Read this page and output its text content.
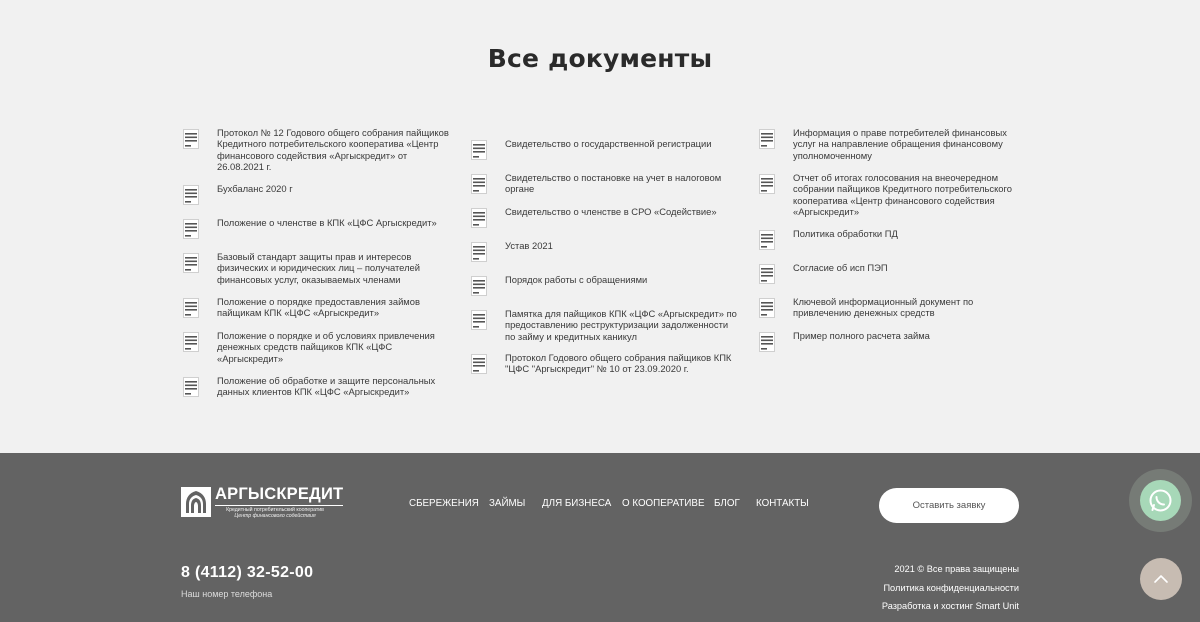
Все документы
Протокол № 12 Годового общего собрания пайщиков Кредитного потребительского кооператива «Центр финансового содействия «Аргыскредит» от 26.08.2021 г.
Бухбаланс 2020 г
Положение о членстве в КПК «ЦФС Аргыскредит»
Базовый стандарт защиты прав и интересов физических и юридических лиц – получателей финансовых услуг, оказываемых членами
Положение о порядке предоставления займов пайщикам КПК «ЦФС «Аргыскредит»
Положение о порядке и об условиях привлечения денежных средств пайщиков КПК «ЦФС «Аргыскредит»
Положение об обработке и защите персональных данных клиентов КПК «ЦФС «Аргыскредит»
Свидетельство о государственной регистрации
Свидетельство о постановке на учет в налоговом органе
Свидетельство о членстве в СРО «Содействие»
Устав 2021
Порядок работы с обращениями
Памятка для пайщиков КПК «ЦФС «Аргыскредит» по предоставлению реструктуризации задолженности по займу и кредитных каникул
Протокол Годового общего собрания пайщиков КПК "ЦФС "Аргыскредит" № 10 от 23.09.2020 г.
Информация о праве потребителей финансовых услуг на направление обращения финансовому уполномоченному
Отчет об итогах голосования на внеочередном собрании пайщиков Кредитного потребительского кооператива «Центр финансового содействия «Аргыскредит»
Политика обработки ПД
Согласие об исп ПЭП
Ключевой информационный документ по привлечению денежных средств
Пример полного расчета займа
АРГЫСКРЕДИТ
Кредитный потребительский кооператив
Центр финансового содействия
СБЕРЕЖЕНИЯ ЗАЙМЫ ДЛЯ БИЗНЕСА О КООПЕРАТИВЕ БЛОГ КОНТАКТЫ	Оставить заявку
8 (4112) 32-52-00
Наш номер телефона
2021 © Все права защищены
Политика конфиденциальности
Разработка и хостинг Smart Unit
